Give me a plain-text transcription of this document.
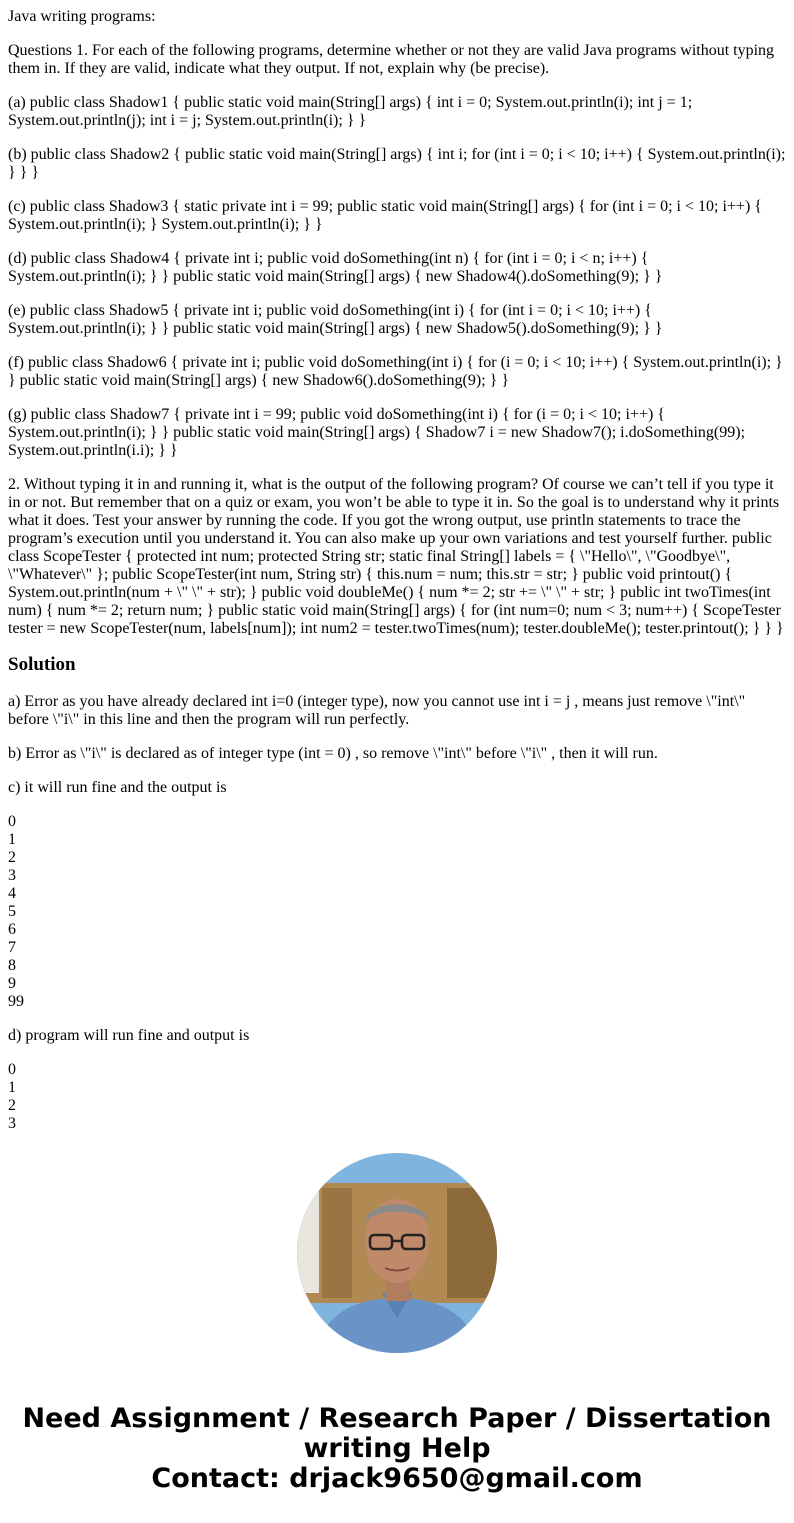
Java writing programs:

Questions 1. For each of the following programs, determine whether or not they are valid Java programs without typing them in. If they are valid, indicate what they output. If not, explain why (be precise).

(a) public class Shadow1 { public static void main(String[] args) { int i = 0; System.out.println(i); int j = 1; System.out.println(j); int i = j; System.out.println(i); } }

(b) public class Shadow2 { public static void main(String[] args) { int i; for (int i = 0; i < 10; i++) { System.out.println(i); } } }

(c) public class Shadow3 { static private int i = 99; public static void main(String[] args) { for (int i = 0; i < 10; i++) { System.out.println(i); } System.out.println(i); } }

(d) public class Shadow4 { private int i; public void doSomething(int n) { for (int i = 0; i < n; i++) { System.out.println(i); } } public static void main(String[] args) { new Shadow4().doSomething(9); } }

(e) public class Shadow5 { private int i; public void doSomething(int i) { for (int i = 0; i < 10; i++) { System.out.println(i); } } public static void main(String[] args) { new Shadow5().doSomething(9); } }

(f) public class Shadow6 { private int i; public void doSomething(int i) { for (i = 0; i < 10; i++) { System.out.println(i); } } public static void main(String[] args) { new Shadow6().doSomething(9); } }

(g) public class Shadow7 { private int i = 99; public void doSomething(int i) { for (i = 0; i < 10; i++) { System.out.println(i); } } public static void main(String[] args) { Shadow7 i = new Shadow7(); i.doSomething(99); System.out.println(i.i); } }

2. Without typing it in and running it, what is the output of the following program? Of course we can’t tell if you type it in or not. But remember that on a quiz or exam, you won’t be able to type it in. So the goal is to understand why it prints what it does. Test your answer by running the code. If you got the wrong output, use println statements to trace the program’s execution until you understand it. You can also make up your own variations and test yourself further. public class ScopeTester { protected int num; protected String str; static final String[] labels = { \"Hello\", \"Goodbye\", \"Whatever\" }; public ScopeTester(int num, String str) { this.num = num; this.str = str; } public void printout() { System.out.println(num + \" \" + str); } public void doubleMe() { num *= 2; str += \" \" + str; } public int twoTimes(int num) { num *= 2; return num; } public static void main(String[] args) { for (int num=0; num < 3; num++) { ScopeTester tester = new ScopeTester(num, labels[num]); int num2 = tester.twoTimes(num); tester.doubleMe(); tester.printout(); } } }

Solution

a) Error as you have already declared int i=0 (integer type), now you cannot use int i = j , means just remove \"int\" before \"i\" in this line and then the program will run perfectly.

b) Error as \"i\" is declared as of integer type (int = 0) , so remove \"int\" before \"i\" , then it will run.

c) it will run fine and the output is

0
1
2
3
4
5
6
7
8
9
99

d) program will run fine and output is

0
1
2
3
Need Assignment / Research Paper / Dissertation
writing Help
Contact: drjack9650@gmail.com
